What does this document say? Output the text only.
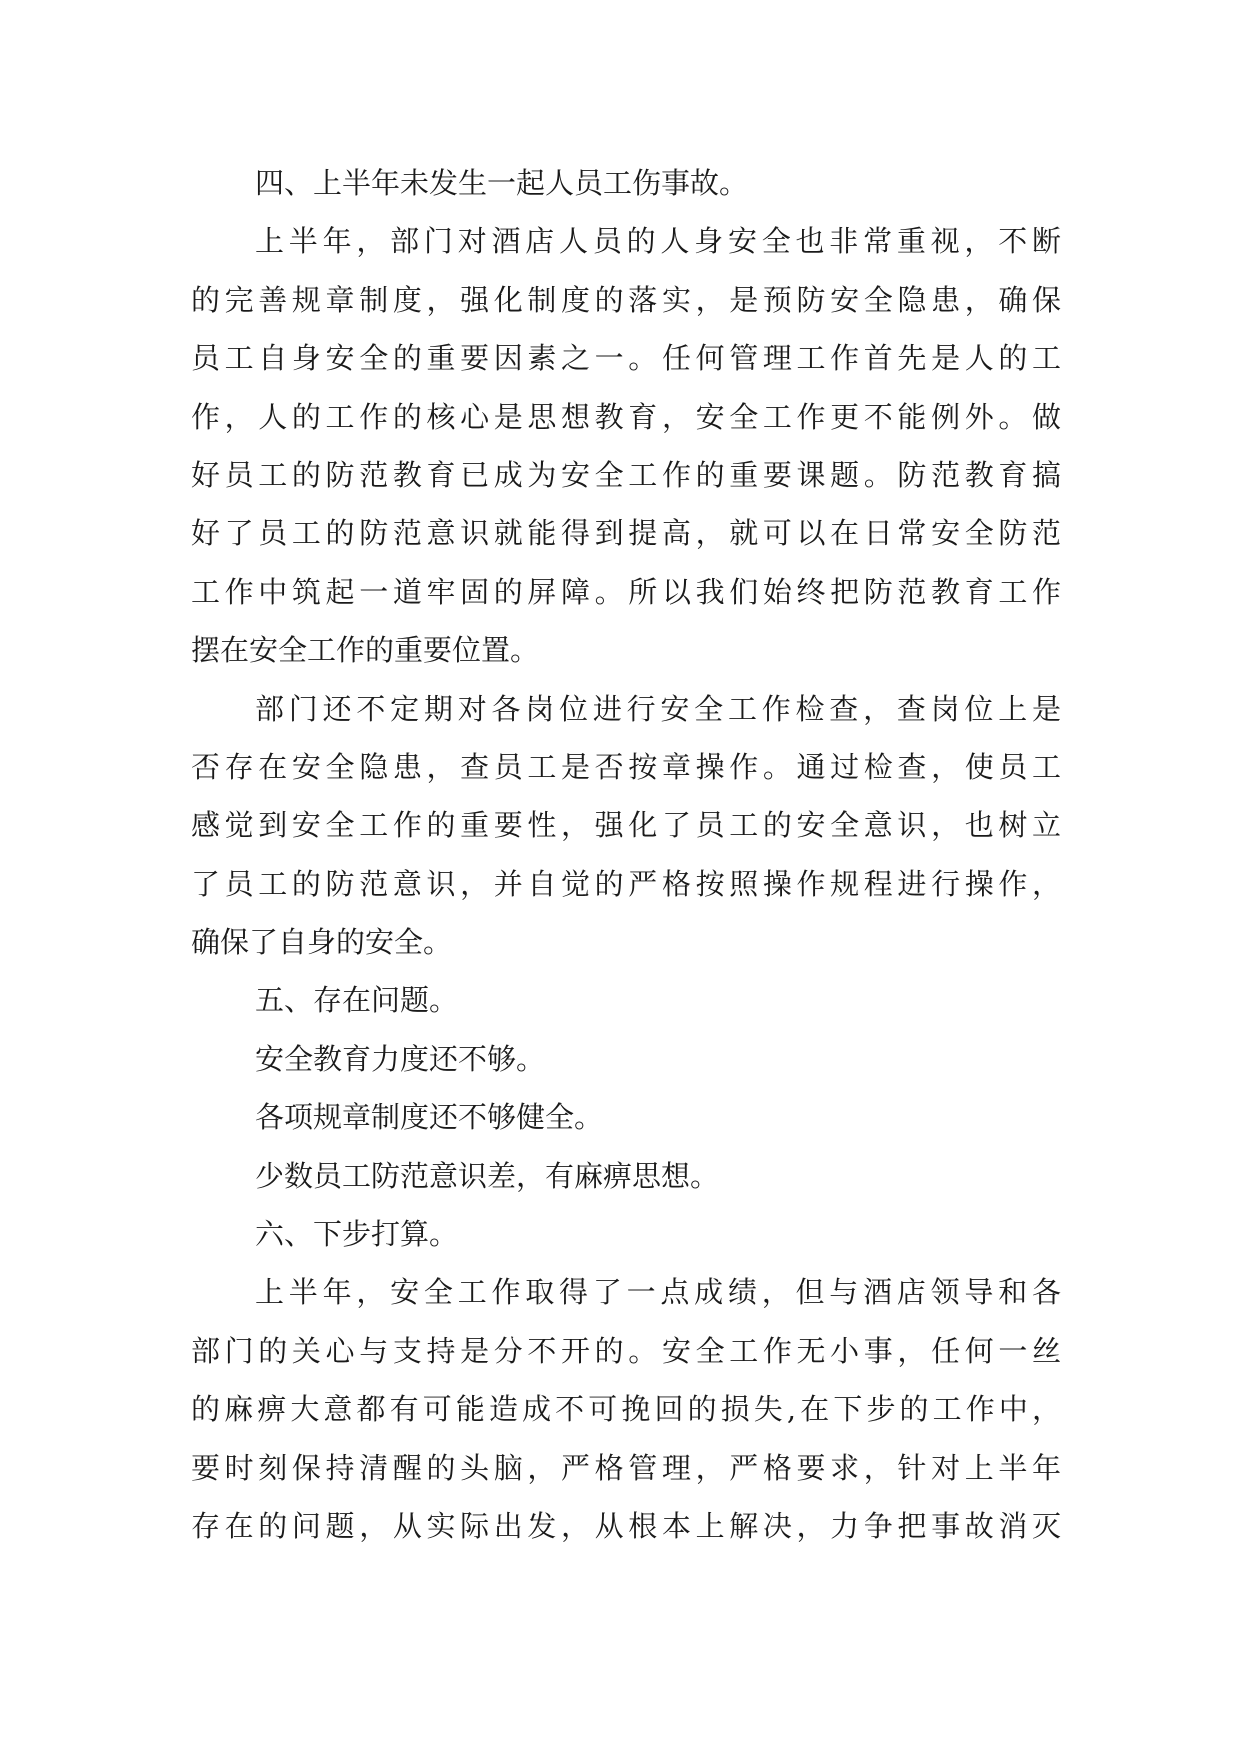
四、上半年未发生一起人员工伤事故。
上半年，部门对酒店人员的人身安全也非常重视，不断
的完善规章制度，强化制度的落实，是预防安全隐患，确保
员工自身安全的重要因素之一。任何管理工作首先是人的工
作，人的工作的核心是思想教育，安全工作更不能例外。做
好员工的防范教育已成为安全工作的重要课题。防范教育搞
好了员工的防范意识就能得到提高，就可以在日常安全防范
工作中筑起一道牢固的屏障。所以我们始终把防范教育工作
摆在安全工作的重要位置。
部门还不定期对各岗位进行安全工作检查，查岗位上是
否存在安全隐患，查员工是否按章操作。通过检查，使员工
感觉到安全工作的重要性，强化了员工的安全意识，也树立
了员工的防范意识，并自觉的严格按照操作规程进行操作，
确保了自身的安全。
五、存在问题。
安全教育力度还不够。
各项规章制度还不够健全。
少数员工防范意识差，有麻痹思想。
六、下步打算。
上半年，安全工作取得了一点成绩，但与酒店领导和各
部门的关心与支持是分不开的。安全工作无小事，任何一丝
的麻痹大意都有可能造成不可挽回的损失,在下步的工作中，
要时刻保持清醒的头脑，严格管理，严格要求，针对上半年
存在的问题，从实际出发，从根本上解决，力争把事故消灭
